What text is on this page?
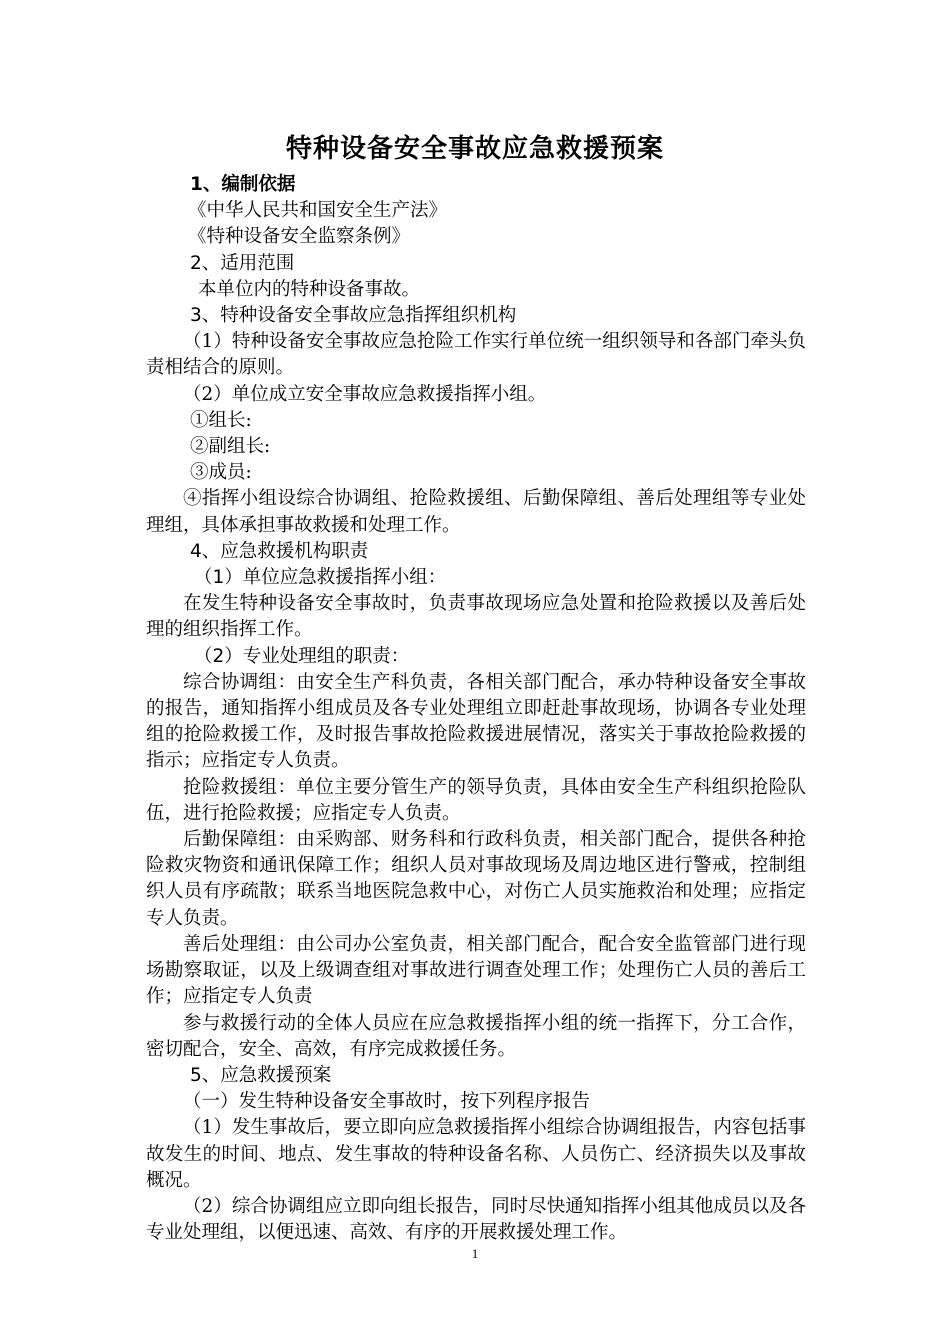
特种设备安全事故应急救援预案

1、编制依据

《中华人民共和国安全生产法》

《特种设备安全监察条例》

2、适用范围

本单位内的特种设备事故。

3、特种设备安全事故应急指挥组织机构

（1）特种设备安全事故应急抢险工作实行单位统一组织领导和各部门牵头负责相结合的原则。

（2）单位成立安全事故应急救援指挥小组。

①组长:

②副组长:

③成员:

④指挥小组设综合协调组、抢险救援组、后勤保障组、善后处理组等专业处理组，具体承担事故救援和处理工作。

4、应急救援机构职责

（1）单位应急救援指挥小组：

在发生特种设备安全事故时，负责事故现场应急处置和抢险救援以及善后处理的组织指挥工作。

（2）专业处理组的职责：

综合协调组：由安全生产科负责，各相关部门配合，承办特种设备安全事故的报告，通知指挥小组成员及各专业处理组立即赶赴事故现场，协调各专业处理组的抢险救援工作，及时报告事故抢险救援进展情况，落实关于事故抢险救援的指示；应指定专人负责。

抢险救援组：单位主要分管生产的领导负责，具体由安全生产科组织抢险队伍，进行抢险救援；应指定专人负责。

后勤保障组：由采购部、财务科和行政科负责，相关部门配合，提供各种抢险救灾物资和通讯保障工作；组织人员对事故现场及周边地区进行警戒，控制组织人员有序疏散；联系当地医院急救中心，对伤亡人员实施救治和处理；应指定专人负责。

善后处理组：由公司办公室负责，相关部门配合，配合安全监管部门进行现场勘察取证，以及上级调查组对事故进行调查处理工作；处理伤亡人员的善后工作；应指定专人负责

参与救援行动的全体人员应在应急救援指挥小组的统一指挥下，分工合作，密切配合，安全、高效，有序完成救援任务。

5、应急救援预案

（一）发生特种设备安全事故时，按下列程序报告

（1）发生事故后，要立即向应急救援指挥小组综合协调组报告，内容包括事故发生的时间、地点、发生事故的特种设备名称、人员伤亡、经济损失以及事故概况。

（2）综合协调组应立即向组长报告，同时尽快通知指挥小组其他成员以及各专业处理组，以便迅速、高效、有序的开展救援处理工作。

1
